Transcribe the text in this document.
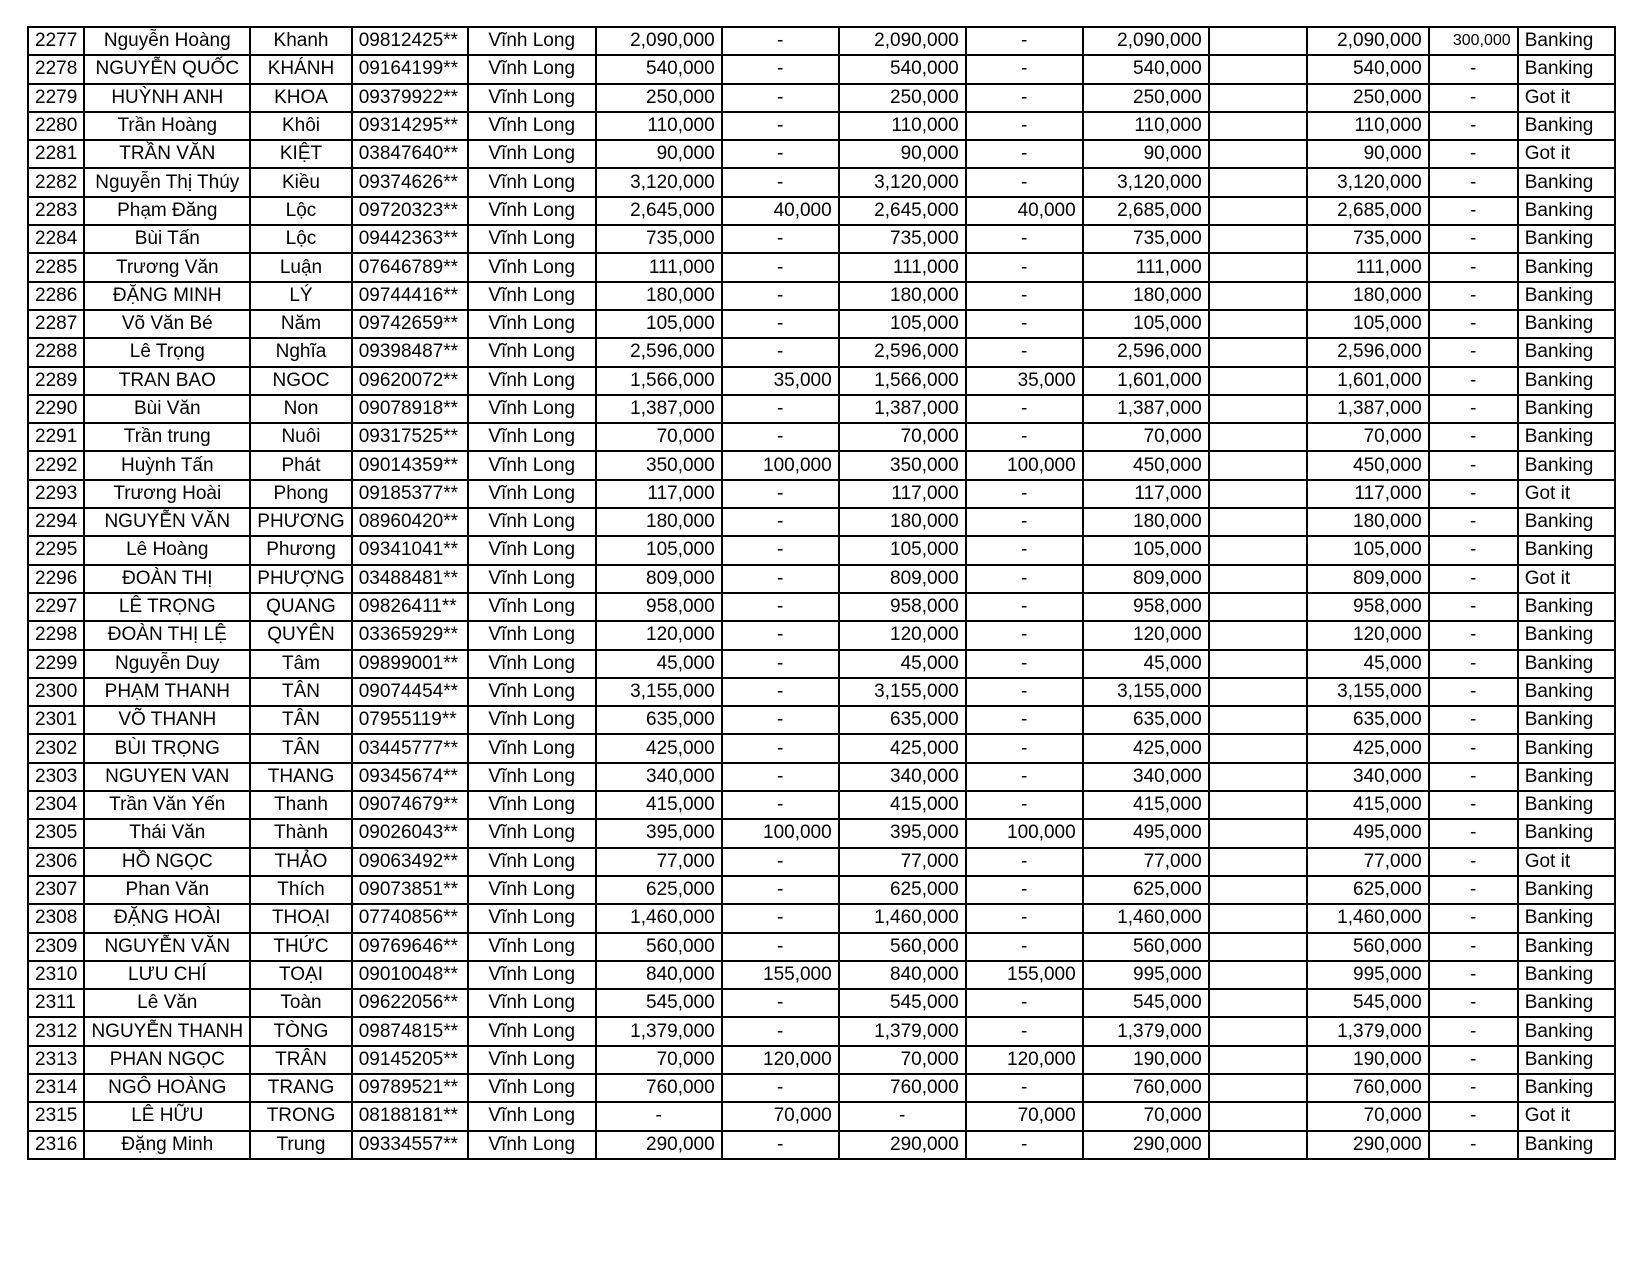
2277	Nguyễn Hoàng	Khanh	09812425**	Vĩnh Long	2,090,000	-	2,090,000	-	2,090,000		2,090,000	300,000	Banking
2278	NGUYỄN QUỐC	KHÁNH	09164199**	Vĩnh Long	540,000	-	540,000	-	540,000		540,000	-	Banking
2279	HUỲNH ANH	KHOA	09379922**	Vĩnh Long	250,000	-	250,000	-	250,000		250,000	-	Got it
2280	Trần Hoàng	Khôi	09314295**	Vĩnh Long	110,000	-	110,000	-	110,000		110,000	-	Banking
2281	TRẦN VĂN	KIỆT	03847640**	Vĩnh Long	90,000	-	90,000	-	90,000		90,000	-	Got it
2282	Nguyễn Thị Thúy	Kiều	09374626**	Vĩnh Long	3,120,000	-	3,120,000	-	3,120,000		3,120,000	-	Banking
2283	Phạm Đăng	Lộc	09720323**	Vĩnh Long	2,645,000	40,000	2,645,000	40,000	2,685,000		2,685,000	-	Banking
2284	Bùi Tấn	Lộc	09442363**	Vĩnh Long	735,000	-	735,000	-	735,000		735,000	-	Banking
2285	Trương Văn	Luận	07646789**	Vĩnh Long	111,000	-	111,000	-	111,000		111,000	-	Banking
2286	ĐẶNG MINH	LÝ	09744416**	Vĩnh Long	180,000	-	180,000	-	180,000		180,000	-	Banking
2287	Võ Văn Bé	Năm	09742659**	Vĩnh Long	105,000	-	105,000	-	105,000		105,000	-	Banking
2288	Lê Trọng	Nghĩa	09398487**	Vĩnh Long	2,596,000	-	2,596,000	-	2,596,000		2,596,000	-	Banking
2289	TRAN BAO	NGOC	09620072**	Vĩnh Long	1,566,000	35,000	1,566,000	35,000	1,601,000		1,601,000	-	Banking
2290	Bùi Văn	Non	09078918**	Vĩnh Long	1,387,000	-	1,387,000	-	1,387,000		1,387,000	-	Banking
2291	Trần trung	Nuôi	09317525**	Vĩnh Long	70,000	-	70,000	-	70,000		70,000	-	Banking
2292	Huỳnh Tấn	Phát	09014359**	Vĩnh Long	350,000	100,000	350,000	100,000	450,000		450,000	-	Banking
2293	Trương Hoài	Phong	09185377**	Vĩnh Long	117,000	-	117,000	-	117,000		117,000	-	Got it
2294	NGUYỄN VĂN	PHƯƠNG	08960420**	Vĩnh Long	180,000	-	180,000	-	180,000		180,000	-	Banking
2295	Lê Hoàng	Phương	09341041**	Vĩnh Long	105,000	-	105,000	-	105,000		105,000	-	Banking
2296	ĐOÀN THỊ	PHƯỢNG	03488481**	Vĩnh Long	809,000	-	809,000	-	809,000		809,000	-	Got it
2297	LÊ TRỌNG	QUANG	09826411**	Vĩnh Long	958,000	-	958,000	-	958,000		958,000	-	Banking
2298	ĐOÀN THỊ LỆ	QUYÊN	03365929**	Vĩnh Long	120,000	-	120,000	-	120,000		120,000	-	Banking
2299	Nguyễn Duy	Tâm	09899001**	Vĩnh Long	45,000	-	45,000	-	45,000		45,000	-	Banking
2300	PHẠM THANH	TÂN	09074454**	Vĩnh Long	3,155,000	-	3,155,000	-	3,155,000		3,155,000	-	Banking
2301	VÕ THANH	TÂN	07955119**	Vĩnh Long	635,000	-	635,000	-	635,000		635,000	-	Banking
2302	BÙI TRỌNG	TÂN	03445777**	Vĩnh Long	425,000	-	425,000	-	425,000		425,000	-	Banking
2303	NGUYEN VAN	THANG	09345674**	Vĩnh Long	340,000	-	340,000	-	340,000		340,000	-	Banking
2304	Trần Văn Yến	Thanh	09074679**	Vĩnh Long	415,000	-	415,000	-	415,000		415,000	-	Banking
2305	Thái Văn	Thành	09026043**	Vĩnh Long	395,000	100,000	395,000	100,000	495,000		495,000	-	Banking
2306	HỒ NGỌC	THẢO	09063492**	Vĩnh Long	77,000	-	77,000	-	77,000		77,000	-	Got it
2307	Phan Văn	Thích	09073851**	Vĩnh Long	625,000	-	625,000	-	625,000		625,000	-	Banking
2308	ĐẶNG HOÀI	THOẠI	07740856**	Vĩnh Long	1,460,000	-	1,460,000	-	1,460,000		1,460,000	-	Banking
2309	NGUYỄN VĂN	THỨC	09769646**	Vĩnh Long	560,000	-	560,000	-	560,000		560,000	-	Banking
2310	LƯU CHÍ	TOẠI	09010048**	Vĩnh Long	840,000	155,000	840,000	155,000	995,000		995,000	-	Banking
2311	Lê Văn	Toàn	09622056**	Vĩnh Long	545,000	-	545,000	-	545,000		545,000	-	Banking
2312	NGUYỄN THANH	TÒNG	09874815**	Vĩnh Long	1,379,000	-	1,379,000	-	1,379,000		1,379,000	-	Banking
2313	PHAN NGỌC	TRÂN	09145205**	Vĩnh Long	70,000	120,000	70,000	120,000	190,000		190,000	-	Banking
2314	NGÔ HOÀNG	TRANG	09789521**	Vĩnh Long	760,000	-	760,000	-	760,000		760,000	-	Banking
2315	LÊ HỮU	TRONG	08188181**	Vĩnh Long	-	70,000	-	70,000	70,000		70,000	-	Got it
2316	Đặng Minh	Trung	09334557**	Vĩnh Long	290,000	-	290,000	-	290,000		290,000	-	Banking
